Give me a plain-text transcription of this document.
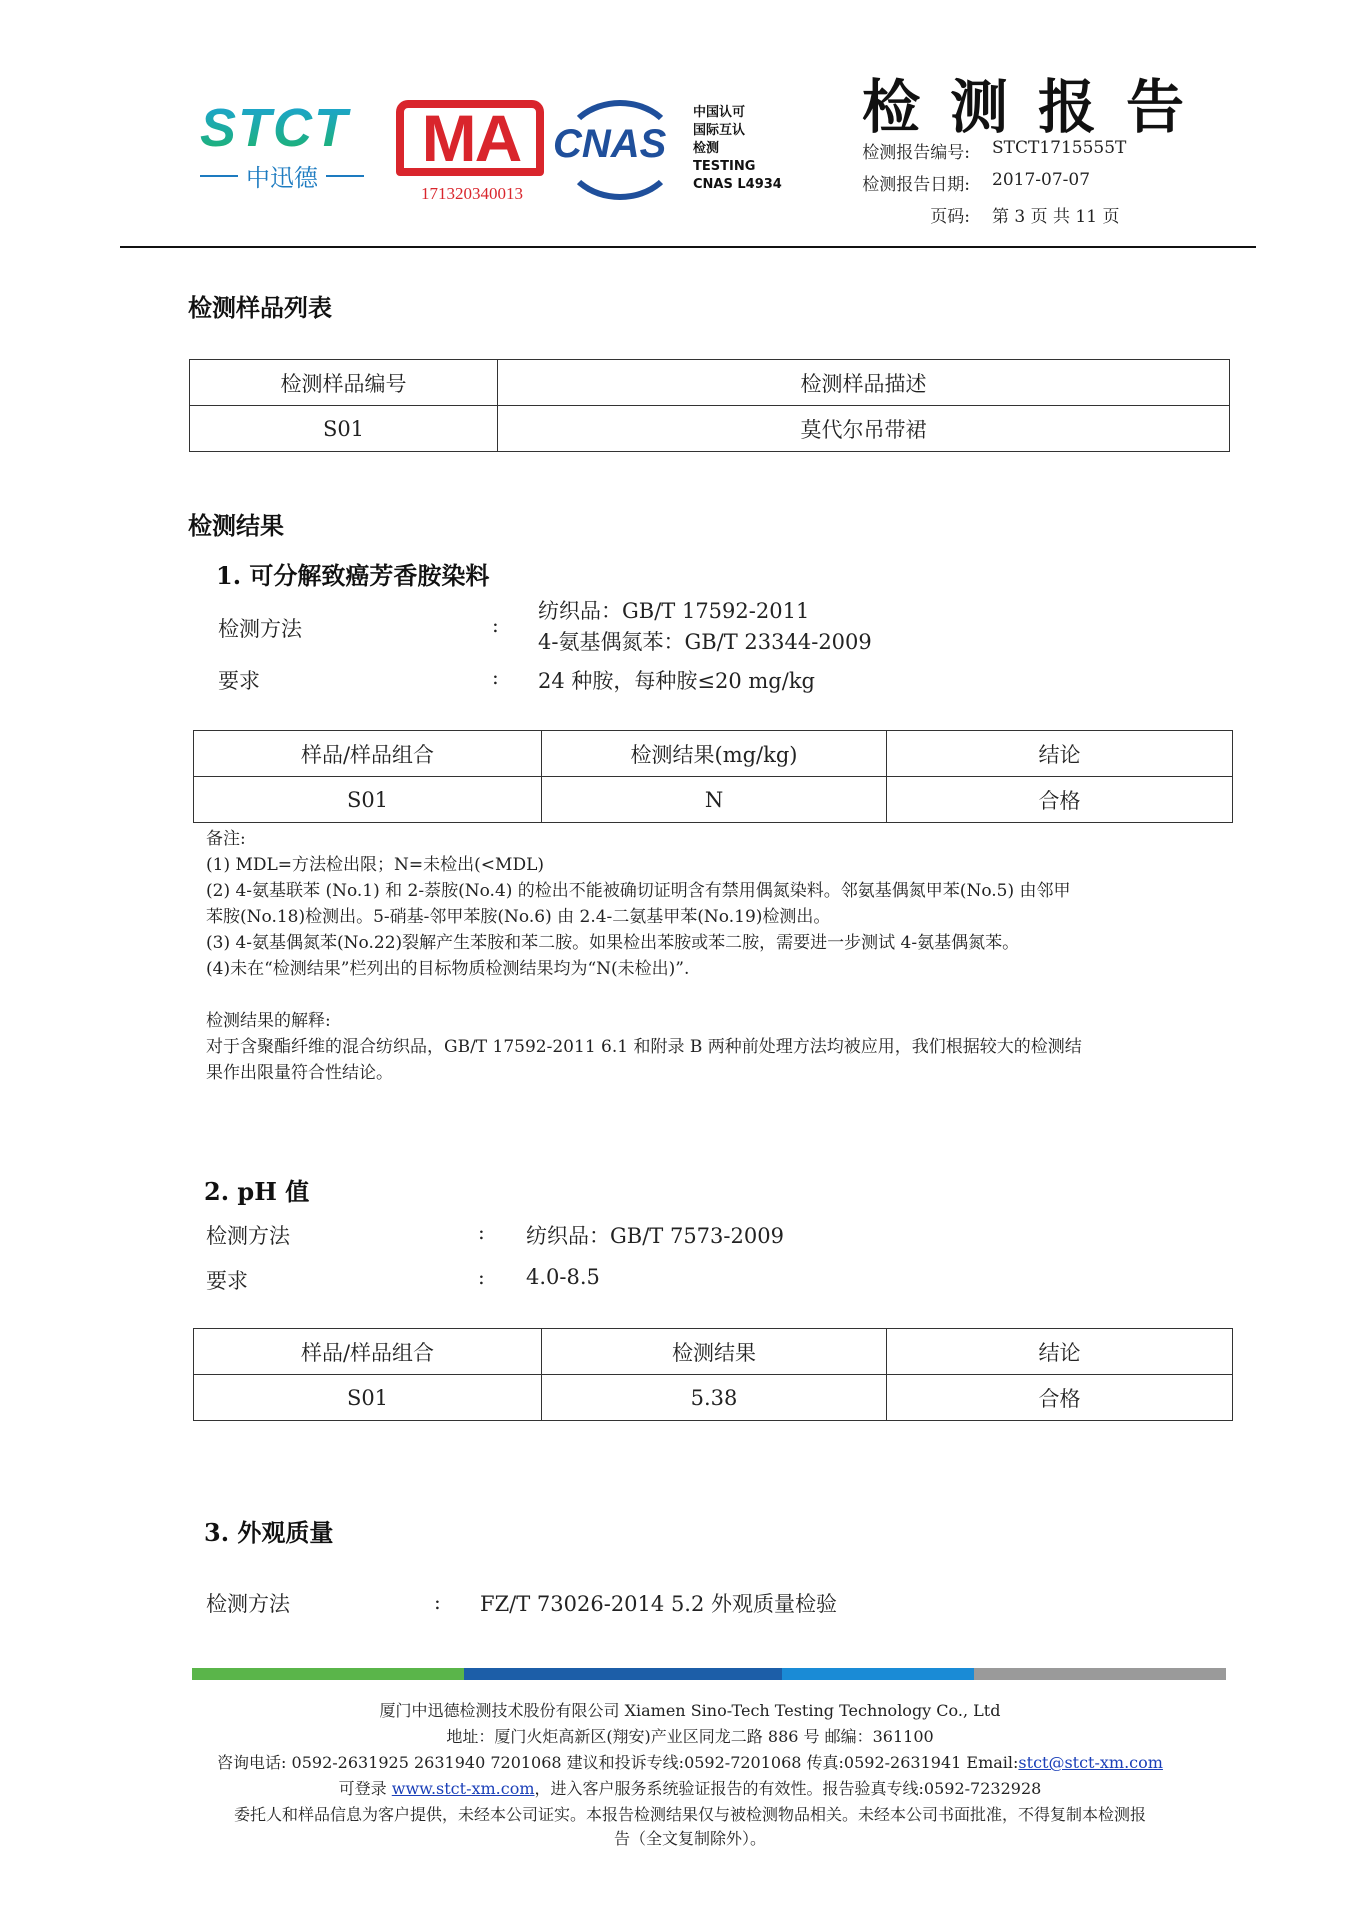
STCT
中迅德
MA
171320340013
CNAS
中国认可
国际互认
检测
TESTING
CNAS L4934
检测报告
检测报告编号: STCT1715555T
检测报告日期: 2017-07-07
页码: 第 3 页 共 11 页
检测样品列表
检测样品编号	检测样品描述
S01	莫代尔吊带裙
检测结果
1. 可分解致癌芳香胺染料
检测方法	:
纺织品：GB/T 17592-2011
4-氨基偶氮苯：GB/T 23344-2009
要求	: 24 种胺，每种胺≤20 mg/kg
样品/样品组合	检测结果(mg/kg)	结论
S01	N	合格
备注:
(1) MDL=方法检出限；N=未检出(<MDL)
(2) 4-氨基联苯 (No.1) 和 2-萘胺(No.4) 的检出不能被确切证明含有禁用偶氮染料。邻氨基偶氮甲苯(No.5) 由邻甲
苯胺(No.18)检测出。5-硝基-邻甲苯胺(No.6) 由 2.4-二氨基甲苯(No.19)检测出。
(3) 4-氨基偶氮苯(No.22)裂解产生苯胺和苯二胺。如果检出苯胺或苯二胺，需要进一步测试 4-氨基偶氮苯。
(4)未在“检测结果”栏列出的目标物质检测结果均为“N(未检出)”.
检测结果的解释:
对于含聚酯纤维的混合纺织品，GB/T 17592-2011 6.1 和附录 B 两种前处理方法均被应用，我们根据较大的检测结
果作出限量符合性结论。
2. pH 值
检测方法	: 纺织品：GB/T 7573-2009
要求	: 4.0-8.5
样品/样品组合	检测结果	结论
S01	5.38	合格
3. 外观质量
检测方法	: FZ/T 73026-2014 5.2 外观质量检验
厦门中迅德检测技术股份有限公司 Xiamen Sino-Tech Testing Technology Co., Ltd
地址：厦门火炬高新区(翔安)产业区同龙二路 886 号 邮编：361100
咨询电话: 0592-2631925 2631940 7201068 建议和投诉专线:0592-7201068 传真:0592-2631941 Email:stct@stct-xm.com
可登录 www.stct-xm.com，进入客户服务系统验证报告的有效性。报告验真专线:0592-7232928
委托人和样品信息为客户提供，未经本公司证实。本报告检测结果仅与被检测物品相关。未经本公司书面批准，不得复制本检测报
告（全文复制除外）。
